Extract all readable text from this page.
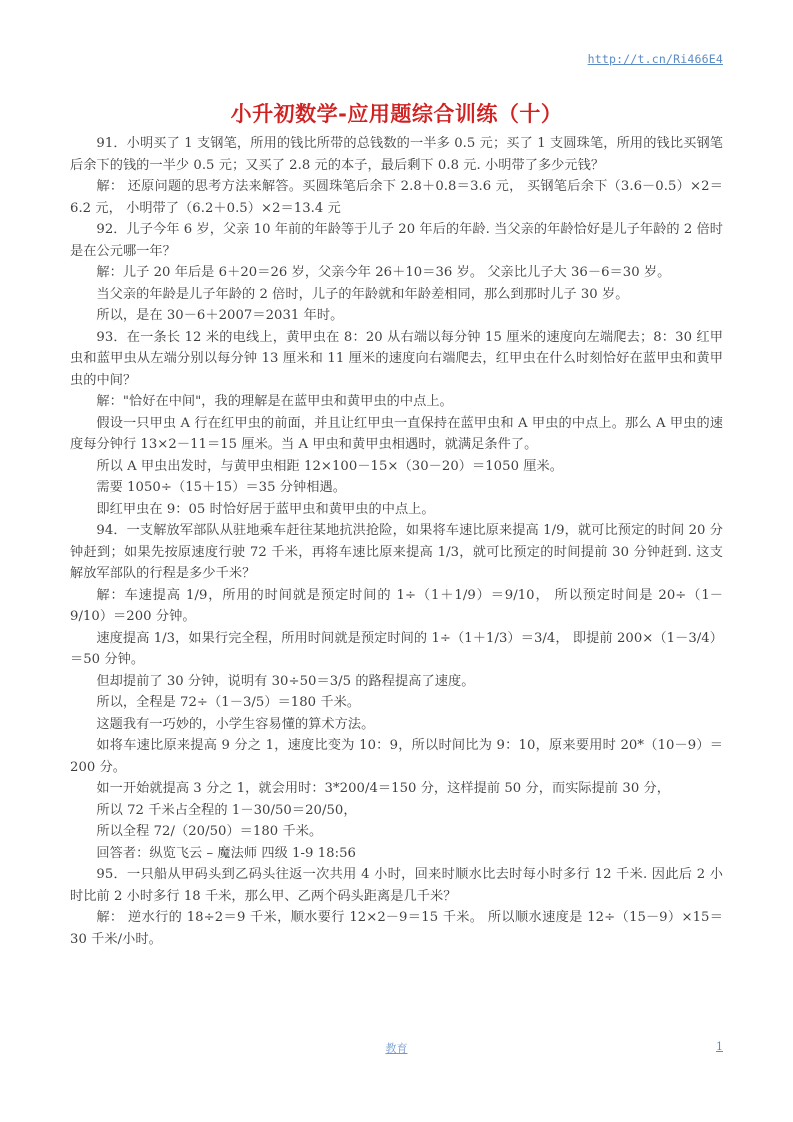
http://t.cn/Ri466E4
小升初数学-应用题综合训练（十）

91．小明买了 1 支钢笔，所用的钱比所带的总钱数的一半多 0.5 元；买了 1 支圆珠笔，所用的钱比买钢笔后余下的钱的一半少 0.5 元；又买了 2.8 元的本子，最后剩下 0.8 元. 小明带了多少元钱？

解： 还原问题的思考方法来解答。买圆珠笔后余下 2.8＋0.8＝3.6 元， 买钢笔后余下（3.6－0.5）×2＝6.2 元， 小明带了（6.2＋0.5）×2＝13.4 元

92．儿子今年 6 岁，父亲 10 年前的年龄等于儿子 20 年后的年龄. 当父亲的年龄恰好是儿子年龄的 2 倍时是在公元哪一年？

解：儿子 20 年后是 6＋20＝26 岁，父亲今年 26＋10＝36 岁。 父亲比儿子大 36－6＝30 岁。

当父亲的年龄是儿子年龄的 2 倍时，儿子的年龄就和年龄差相同，那么到那时儿子 30 岁。

所以，是在 30－6＋2007＝2031 年时。

93．在一条长 12 米的电线上，黄甲虫在 8：20 从右端以每分钟 15 厘米的速度向左端爬去；8：30 红甲虫和蓝甲虫从左端分别以每分钟 13 厘米和 11 厘米的速度向右端爬去，红甲虫在什么时刻恰好在蓝甲虫和黄甲虫的中间？

解："恰好在中间"，我的理解是在蓝甲虫和黄甲虫的中点上。

假设一只甲虫 A 行在红甲虫的前面，并且让红甲虫一直保持在蓝甲虫和 A 甲虫的中点上。那么 A 甲虫的速度每分钟行 13×2－11＝15 厘米。当 A 甲虫和黄甲虫相遇时，就满足条件了。

所以 A 甲虫出发时，与黄甲虫相距 12×100－15×（30－20）＝1050 厘米。

需要 1050÷（15＋15）＝35 分钟相遇。

即红甲虫在 9：05 时恰好居于蓝甲虫和黄甲虫的中点上。

94．一支解放军部队从驻地乘车赶往某地抗洪抢险，如果将车速比原来提高 1/9，就可比预定的时间 20 分钟赶到；如果先按原速度行驶 72 千米，再将车速比原来提高 1/3，就可比预定的时间提前 30 分钟赶到. 这支解放军部队的行程是多少千米？

解：车速提高 1/9，所用的时间就是预定时间的 1÷（1＋1/9）＝9/10， 所以预定时间是 20÷（1－9/10）＝200 分钟。

速度提高 1/3，如果行完全程，所用时间就是预定时间的 1÷（1＋1/3）＝3/4， 即提前 200×（1－3/4）＝50 分钟。

但却提前了 30 分钟，说明有 30÷50＝3/5 的路程提高了速度。

所以，全程是 72÷（1－3/5）＝180 千米。

这题我有一巧妙的，小学生容易懂的算术方法。

如将车速比原来提高 9 分之 1，速度比变为 10：9，所以时间比为 9：10，原来要用时 20*（10－9）＝200 分。

如一开始就提高 3 分之 1，就会用时：3*200/4＝150 分，这样提前 50 分，而实际提前 30 分，

所以 72 千米占全程的 1－30/50＝20/50，

所以全程 72/（20/50）＝180 千米。

回答者：纵览飞云 – 魔法师 四级 1-9 18:56

95．一只船从甲码头到乙码头往返一次共用 4 小时，回来时顺水比去时每小时多行 12 千米. 因此后 2 小时比前 2 小时多行 18 千米，那么甲、乙两个码头距离是几千米？

解： 逆水行的 18÷2＝9 千米，顺水要行 12×2－9＝15 千米。 所以顺水速度是 12÷（15－9）×15＝30 千米/小时。

教育	1
